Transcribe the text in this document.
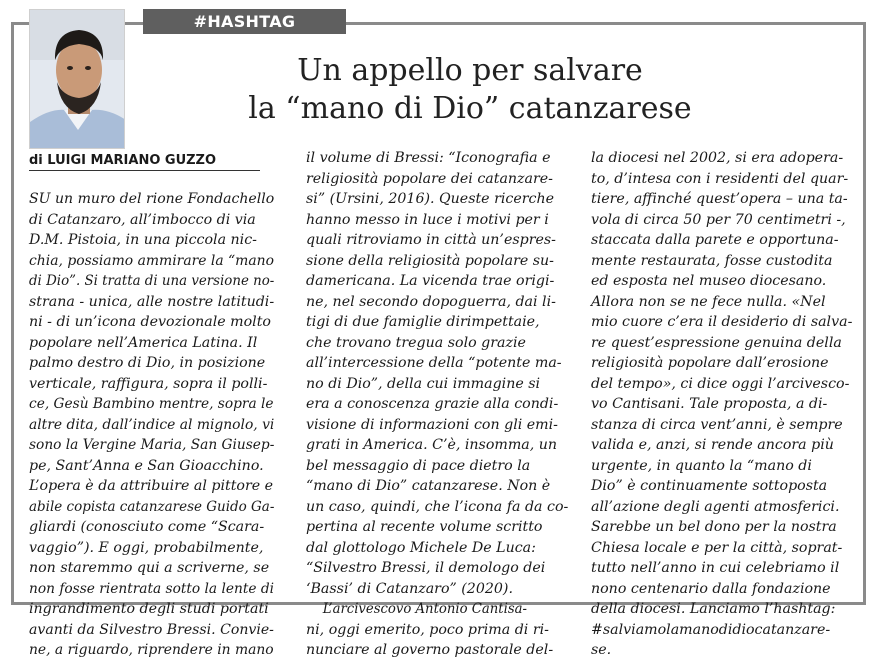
#HASHTAG ECCLESIALI
Un appello per salvare
la “mano di Dio” catanzarese
di LUIGI MARIANO GUZZO
SU un muro del rione Fondachello
di Catanzaro, all’imbocco di via
D.M. Pistoia, in una piccola nic-
chia, possiamo ammirare la “mano
di Dio”. Si tratta di una versione no-
strana - unica, alle nostre latitudi-
ni - di un’icona devozionale molto
popolare nell’America Latina. Il
palmo destro di Dio, in posizione
verticale, raffigura, sopra il polli-
ce, Gesù Bambino mentre, sopra le
altre dita, dall’indice al mignolo, vi
sono la Vergine Maria, San Giusep-
pe, Sant’Anna e San Gioacchino.
L’opera è da attribuire al pittore e
abile copista catanzarese Guido Ga-
gliardi (conosciuto come “Scara-
vaggio”). E oggi, probabilmente,
non staremmo qui a scriverne, se
non fosse rientrata sotto la lente di
ingrandimento degli studi portati
avanti da Silvestro Bressi. Convie-
ne, a riguardo, riprendere in mano
il volume di Bressi: “Iconografia e
religiosità popolare dei catanzare-
si” (Ursini, 2016). Queste ricerche
hanno messo in luce i motivi per i
quali ritroviamo in città un’espres-
sione della religiosità popolare su-
damericana. La vicenda trae origi-
ne, nel secondo dopoguerra, dai li-
tigi di due famiglie dirimpettaie,
che trovano tregua solo grazie
all’intercessione della “potente ma-
no di Dio”, della cui immagine si
era a conoscenza grazie alla condi-
visione di informazioni con gli emi-
grati in America. C’è, insomma, un
bel messaggio di pace dietro la
“mano di Dio” catanzarese. Non è
un caso, quindi, che l’icona fa da co-
pertina al recente volume scritto
dal glottologo Michele De Luca:
“Silvestro Bressi, il demologo dei
‘Bassi’ di Catanzaro” (2020).
L’arcivescovo Antonio Cantisa-
ni, oggi emerito, poco prima di ri-
nunciare al governo pastorale del-
la diocesi nel 2002, si era adopera-
to, d’intesa con i residenti del quar-
tiere, affinché quest’opera – una ta-
vola di circa 50 per 70 centimetri -,
staccata dalla parete e opportuna-
mente restaurata, fosse custodita
ed esposta nel museo diocesano.
Allora non se ne fece nulla. «Nel
mio cuore c’era il desiderio di salva-
re quest’espressione genuina della
religiosità popolare dall’erosione
del tempo», ci dice oggi l’arcivesco-
vo Cantisani. Tale proposta, a di-
stanza di circa vent’anni, è sempre
valida e, anzi, si rende ancora più
urgente, in quanto la “mano di
Dio” è continuamente sottoposta
all’azione degli agenti atmosferici.
Sarebbe un bel dono per la nostra
Chiesa locale e per la città, soprat-
tutto nell’anno in cui celebriamo il
nono centenario dalla fondazione
della diocesi. Lanciamo l’hashtag:
#salviamolamanodidiocatanzare-
se.
